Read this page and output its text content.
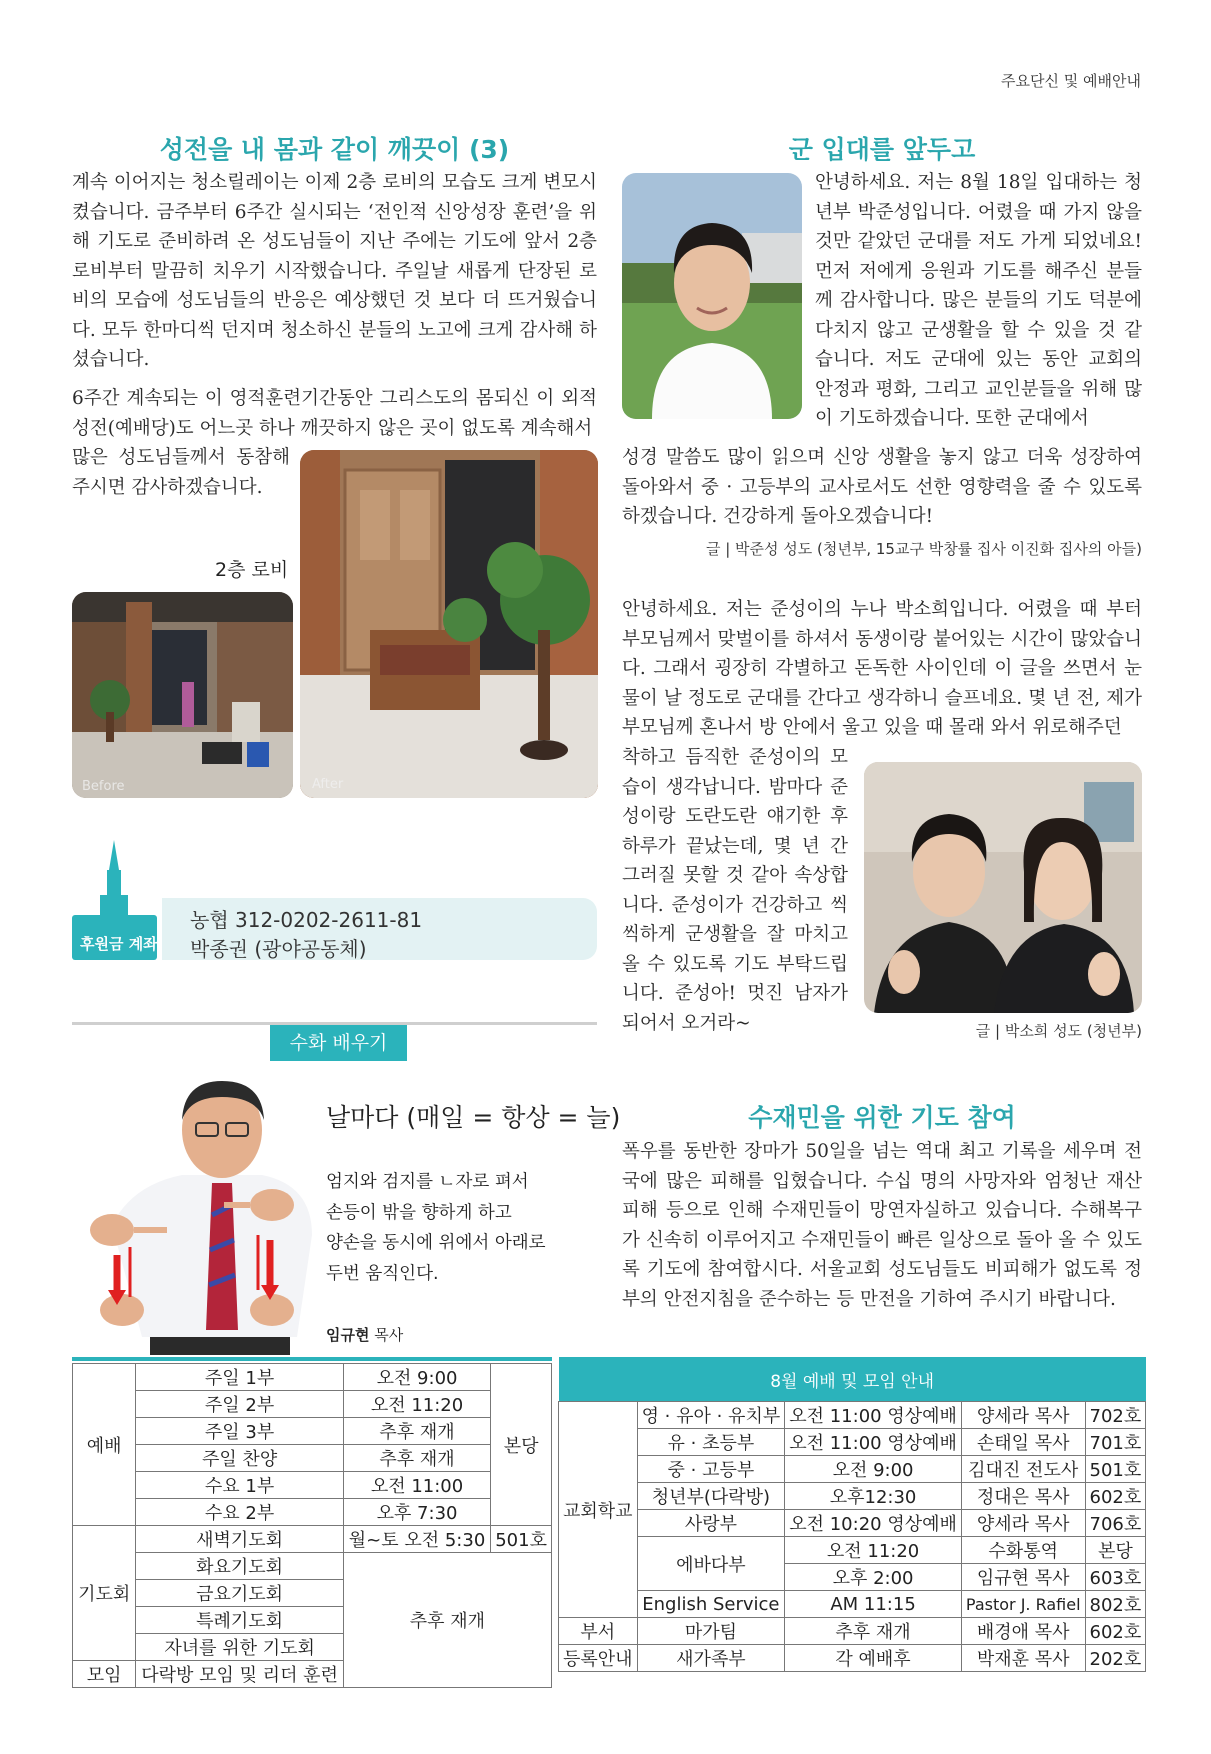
주요단신 및 예배안내
성전을 내 몸과 같이 깨끗이 (3)
계속 이어지는 청소릴레이는 이제 2층 로비의 모습도 크게 변모시켰습니다. 금주부터 6주간 실시되는 ‘전인적 신앙성장 훈련’을 위해 기도로 준비하려 온 성도님들이 지난 주에는 기도에 앞서 2층 로비부터 말끔히 치우기 시작했습니다. 주일날 새롭게 단장된 로비의 모습에 성도님들의 반응은 예상했던 것 보다 더 뜨거웠습니다. 모두 한마디씩 던지며 청소하신 분들의 노고에 크게 감사해 하셨습니다.
6주간 계속되는 이 영적훈련기간동안 그리스도의 몸되신 이 외적 성전(예배당)도 어느곳 하나 깨끗하지 않은 곳이 없도록 계속해서
많은 성도님들께서 동참해 주시면 감사하겠습니다.
2층 로비
Before	After
후원금 계좌
농협 312-0202-2611-81
박종권 (광야공동체)
수화 배우기
날마다 (매일 = 항상 = 늘)
엄지와 검지를 ㄴ자로 펴서
손등이 밖을 향하게 하고
양손을 동시에 위에서 아래로
두번 움직인다.
임규현 목사
군 입대를 앞두고
안녕하세요. 저는 8월 18일 입대하는 청년부 박준성입니다. 어렸을 때 가지 않을 것만 같았던 군대를 저도 가게 되었네요! 먼저 저에게 응원과 기도를 해주신 분들께 감사합니다. 많은 분들의 기도 덕분에 다치지 않고 군생활을 할 수 있을 것 같습니다. 저도 군대에 있는 동안 교회의 안정과 평화, 그리고 교인분들을 위해 많이 기도하겠습니다. 또한 군대에서
성경 말씀도 많이 읽으며 신앙 생활을 놓지 않고 더욱 성장하여 돌아와서 중 · 고등부의 교사로서도 선한 영향력을 줄 수 있도록 하겠습니다. 건강하게 돌아오겠습니다!
글 | 박준성 성도 (청년부, 15교구 박창률 집사 이진화 집사의 아들)
안녕하세요. 저는 준성이의 누나 박소희입니다. 어렸을 때 부터 부모님께서 맞벌이를 하셔서 동생이랑 붙어있는 시간이 많았습니다. 그래서 굉장히 각별하고 돈독한 사이인데 이 글을 쓰면서 눈물이 날 정도로 군대를 간다고 생각하니 슬프네요. 몇 년 전, 제가 부모님께 혼나서 방 안에서 울고 있을 때 몰래 와서 위로해주던
착하고 듬직한 준성이의 모습이 생각납니다. 밤마다 준성이랑 도란도란 얘기한 후 하루가 끝났는데, 몇 년 간 그러질 못할 것 같아 속상합니다. 준성이가 건강하고 씩씩하게 군생활을 잘 마치고 올 수 있도록 기도 부탁드립니다. 준성아! 멋진 남자가 되어서 오거라~	글 | 박소희 성도 (청년부)
수재민을 위한 기도 참여
폭우를 동반한 장마가 50일을 넘는 역대 최고 기록을 세우며 전국에 많은 피해를 입혔습니다. 수십 명의 사망자와 엄청난 재산 피해 등으로 인해 수재민들이 망연자실하고 있습니다. 수해복구가 신속히 이루어지고 수재민들이 빠른 일상으로 돌아 올 수 있도록 기도에 참여합시다. 서울교회 성도님들도 비피해가 없도록 정부의 안전지침을 준수하는 등 만전을 기하여 주시기 바랍니다.
예배	주일 1부	오전 9:00	본당
	주일 2부	오전 11:20	
	주일 3부	추후 재개	
	주일 찬양	추후 재개	
	수요 1부	오전 11:00	
	수요 2부	오후 7:30	
기도회	새벽기도회	월~토 오전 5:30	501호
	화요기도회	추후 재개	
	금요기도회		
	특례기도회		
	자녀를 위한 기도회		
모임	다락방 모임 및 리더 훈련		
8월 예배 및 모임 안내				
교회학교	영 · 유아 · 유치부	오전 11:00 영상예배	양세라 목사	702호
	유 · 초등부	오전 11:00 영상예배	손태일 목사	701호
	중 · 고등부	오전 9:00	김대진 전도사	501호
	청년부(다락방)	오후12:30	정대은 목사	602호
	사랑부	오전 10:20 영상예배	양세라 목사	706호
	에바다부	오전 11:20	수화통역	본당
		오후 2:00	임규현 목사	603호
	English Service	AM 11:15	Pastor J. Rafiel	802호
부서	마가팀	추후 재개	배경애 목사	602호
등록안내	새가족부	각 예배후	박재훈 목사	202호
